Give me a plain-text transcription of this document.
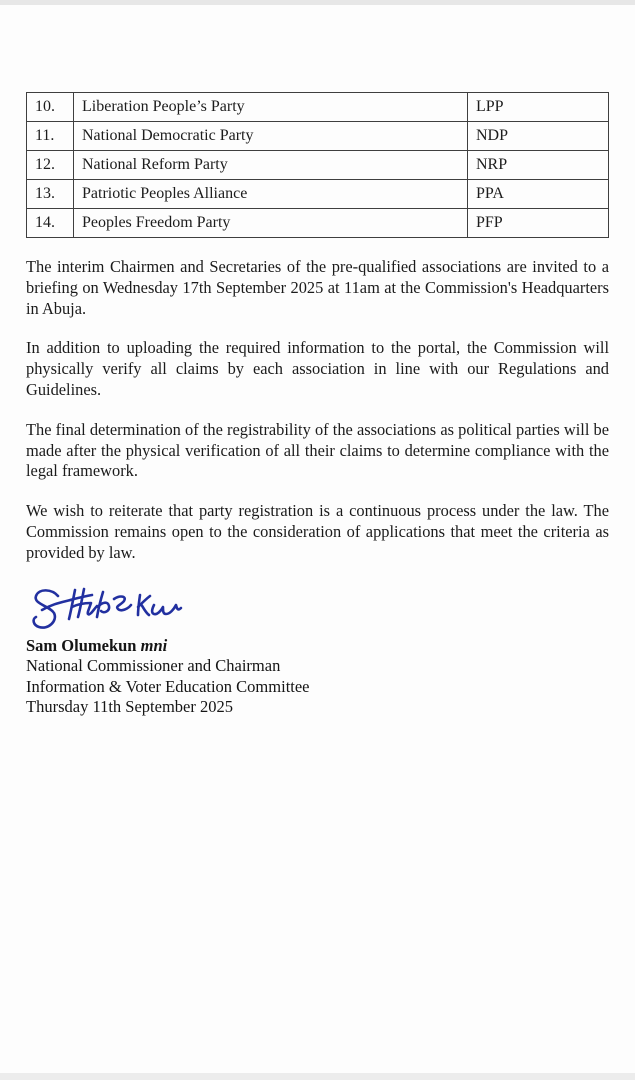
10.	Liberation People’s Party	LPP
11.	National Democratic Party	NDP
12.	National Reform Party	NRP
13.	Patriotic Peoples Alliance	PPA
14.	Peoples Freedom Party	PFP

The interim Chairmen and Secretaries of the pre-qualified associations are invited to a briefing on Wednesday 17th September 2025 at 11am at the Commission's Headquarters in Abuja.

In addition to uploading the required information to the portal, the Commission will physically verify all claims by each association in line with our Regulations and Guidelines.

The final determination of the registrability of the associations as political parties will be made after the physical verification of all their claims to determine compliance with the legal framework.

We wish to reiterate that party registration is a continuous process under the law. The Commission remains open to the consideration of applications that meet the criteria as provided by law.

Sam Olumekun mni
National Commissioner and Chairman
Information & Voter Education Committee
Thursday 11th September 2025
